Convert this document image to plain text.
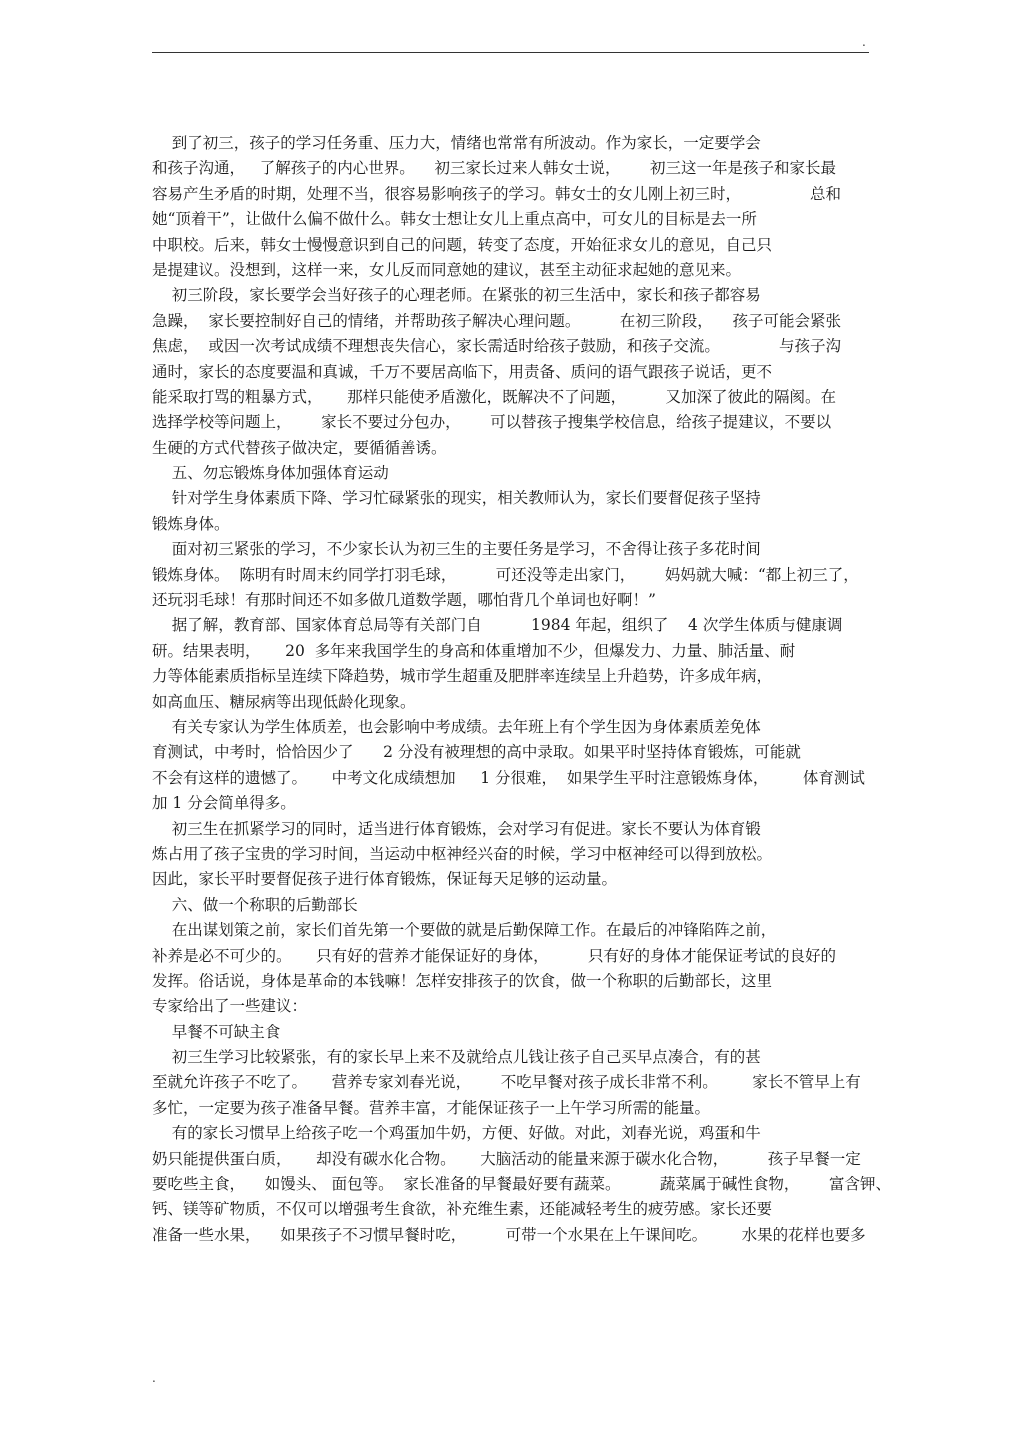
.
到了初三，孩子的学习任务重、压力大，情绪也常常有所波动。作为家长，一定要学会
和孩子沟通，   了解孩子的内心世界。    初三家长过来人韩女士说，      初三这一年是孩子和家长最
容易产生矛盾的时期，处理不当，很容易影响孩子的学习。韩女士的女儿刚上初三时，              总和
她“顶着干”，让做什么偏不做什么。韩女士想让女儿上重点高中，可女儿的目标是去一所
中职校。后来，韩女士慢慢意识到自己的问题，转变了态度，开始征求女儿的意见，自己只
是提建议。没想到，这样一来，女儿反而同意她的建议，甚至主动征求起她的意见来。
初三阶段，家长要学会当好孩子的心理老师。在紧张的初三生活中，家长和孩子都容易
急躁，  家长要控制好自己的情绪，并帮助孩子解决心理问题。        在初三阶段，    孩子可能会紧张
焦虑，  或因一次考试成绩不理想丧失信心，家长需适时给孩子鼓励，和孩子交流。            与孩子沟
通时，家长的态度要温和真诚，千万不要居高临下，用责备、质问的语气跟孩子说话，更不
能采取打骂的粗暴方式，     那样只能使矛盾激化，既解决不了问题，        又加深了彼此的隔阂。在
选择学校等问题上，      家长不要过分包办，      可以替孩子搜集学校信息，给孩子提建议，不要以
生硬的方式代替孩子做决定，要循循善诱。
五、勿忘锻炼身体加强体育运动
针对学生身体素质下降、学习忙碌紧张的现实，相关教师认为，家长们要督促孩子坚持
锻炼身体。
面对初三紧张的学习，不少家长认为初三生的主要任务是学习，不舍得让孩子多花时间
锻炼身体。  陈明有时周末约同学打羽毛球，        可还没等走出家门，      妈妈就大喊：“都上初三了，
还玩羽毛球！有那时间还不如多做几道数学题，哪怕背几个单词也好啊！”
据了解，教育部、国家体育总局等有关部门自          1984 年起，组织了    4 次学生体质与健康调
研。结果表明，     20  多年来我国学生的身高和体重增加不少，但爆发力、力量、肺活量、耐
力等体能素质指标呈连续下降趋势，城市学生超重及肥胖率连续呈上升趋势，许多成年病，
如高血压、糖尿病等出现低龄化现象。
有关专家认为学生体质差，也会影响中考成绩。去年班上有个学生因为身体素质差免体
育测试，中考时，恰恰因少了      2 分没有被理想的高中录取。如果平时坚持体育锻炼，可能就
不会有这样的遗憾了。     中考文化成绩想加     1 分很难，  如果学生平时注意锻炼身体，       体育测试
加 1 分会简单得多。
初三生在抓紧学习的同时，适当进行体育锻炼，会对学习有促进。家长不要认为体育锻
炼占用了孩子宝贵的学习时间，当运动中枢神经兴奋的时候，学习中枢神经可以得到放松。
因此，家长平时要督促孩子进行体育锻炼，保证每天足够的运动量。
六、做一个称职的后勤部长
在出谋划策之前，家长们首先第一个要做的就是后勤保障工作。在最后的冲锋陷阵之前，
补养是必不可少的。     只有好的营养才能保证好的身体，        只有好的身体才能保证考试的良好的
发挥。俗话说，身体是革命的本钱嘛！怎样安排孩子的饮食，做一个称职的后勤部长，这里
专家给出了一些建议：
早餐不可缺主食
初三生学习比较紧张，有的家长早上来不及就给点儿钱让孩子自己买早点凑合，有的甚
至就允许孩子不吃了。     营养专家刘春光说，      不吃早餐对孩子成长非常不利。       家长不管早上有
多忙，一定要为孩子准备早餐。营养丰富，才能保证孩子一上午学习所需的能量。
有的家长习惯早上给孩子吃一个鸡蛋加牛奶，方便、好做。对此，刘春光说，鸡蛋和牛
奶只能提供蛋白质，     却没有碳水化合物。     大脑活动的能量来源于碳水化合物，        孩子早餐一定
要吃些主食，    如馒头、 面包等。  家长准备的早餐最好要有蔬菜。        蔬菜属于碱性食物，      富含钾、
钙、镁等矿物质，不仅可以增强考生食欲，补充维生素，还能减轻考生的疲劳感。家长还要
准备一些水果，    如果孩子不习惯早餐时吃，        可带一个水果在上午课间吃。       水果的花样也要多
.
